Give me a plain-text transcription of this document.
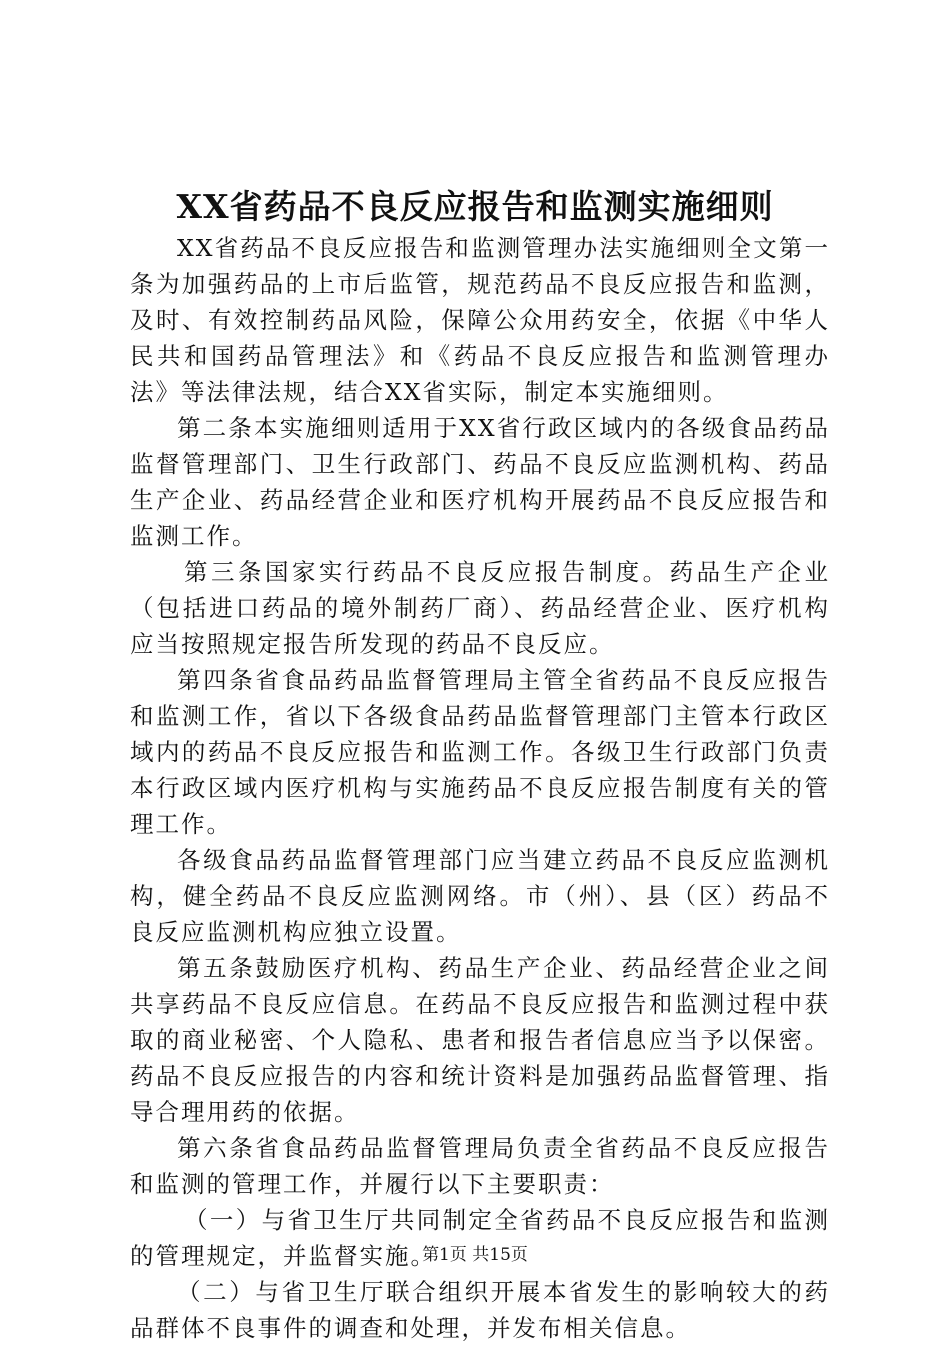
XX省药品不良反应报告和监测实施细则

XX省药品不良反应报告和监测管理办法实施细则全文第一条为加强药品的上市后监管，规范药品不良反应报告和监测，及时、有效控制药品风险，保障公众用药安全，依据《中华人民共和国药品管理法》和《药品不良反应报告和监测管理办法》等法律法规，结合XX省实际，制定本实施细则。

第二条本实施细则适用于XX省行政区域内的各级食品药品监督管理部门、卫生行政部门、药品不良反应监测机构、药品生产企业、药品经营企业和医疗机构开展药品不良反应报告和监测工作。

第三条国家实行药品不良反应报告制度。药品生产企业（包括进口药品的境外制药厂商）、药品经营企业、医疗机构应当按照规定报告所发现的药品不良反应。

第四条省食品药品监督管理局主管全省药品不良反应报告和监测工作，省以下各级食品药品监督管理部门主管本行政区域内的药品不良反应报告和监测工作。各级卫生行政部门负责本行政区域内医疗机构与实施药品不良反应报告制度有关的管理工作。

各级食品药品监督管理部门应当建立药品不良反应监测机构，健全药品不良反应监测网络。市（州）、县（区）药品不良反应监测机构应独立设置。

第五条鼓励医疗机构、药品生产企业、药品经营企业之间共享药品不良反应信息。在药品不良反应报告和监测过程中获取的商业秘密、个人隐私、患者和报告者信息应当予以保密。药品不良反应报告的内容和统计资料是加强药品监督管理、指导合理用药的依据。

第六条省食品药品监督管理局负责全省药品不良反应报告和监测的管理工作，并履行以下主要职责：

（一）与省卫生厅共同制定全省药品不良反应报告和监测的管理规定，并监督实施。

（二）与省卫生厅联合组织开展本省发生的影响较大的药品群体不良事件的调查和处理，并发布相关信息。

第1页 共15页
